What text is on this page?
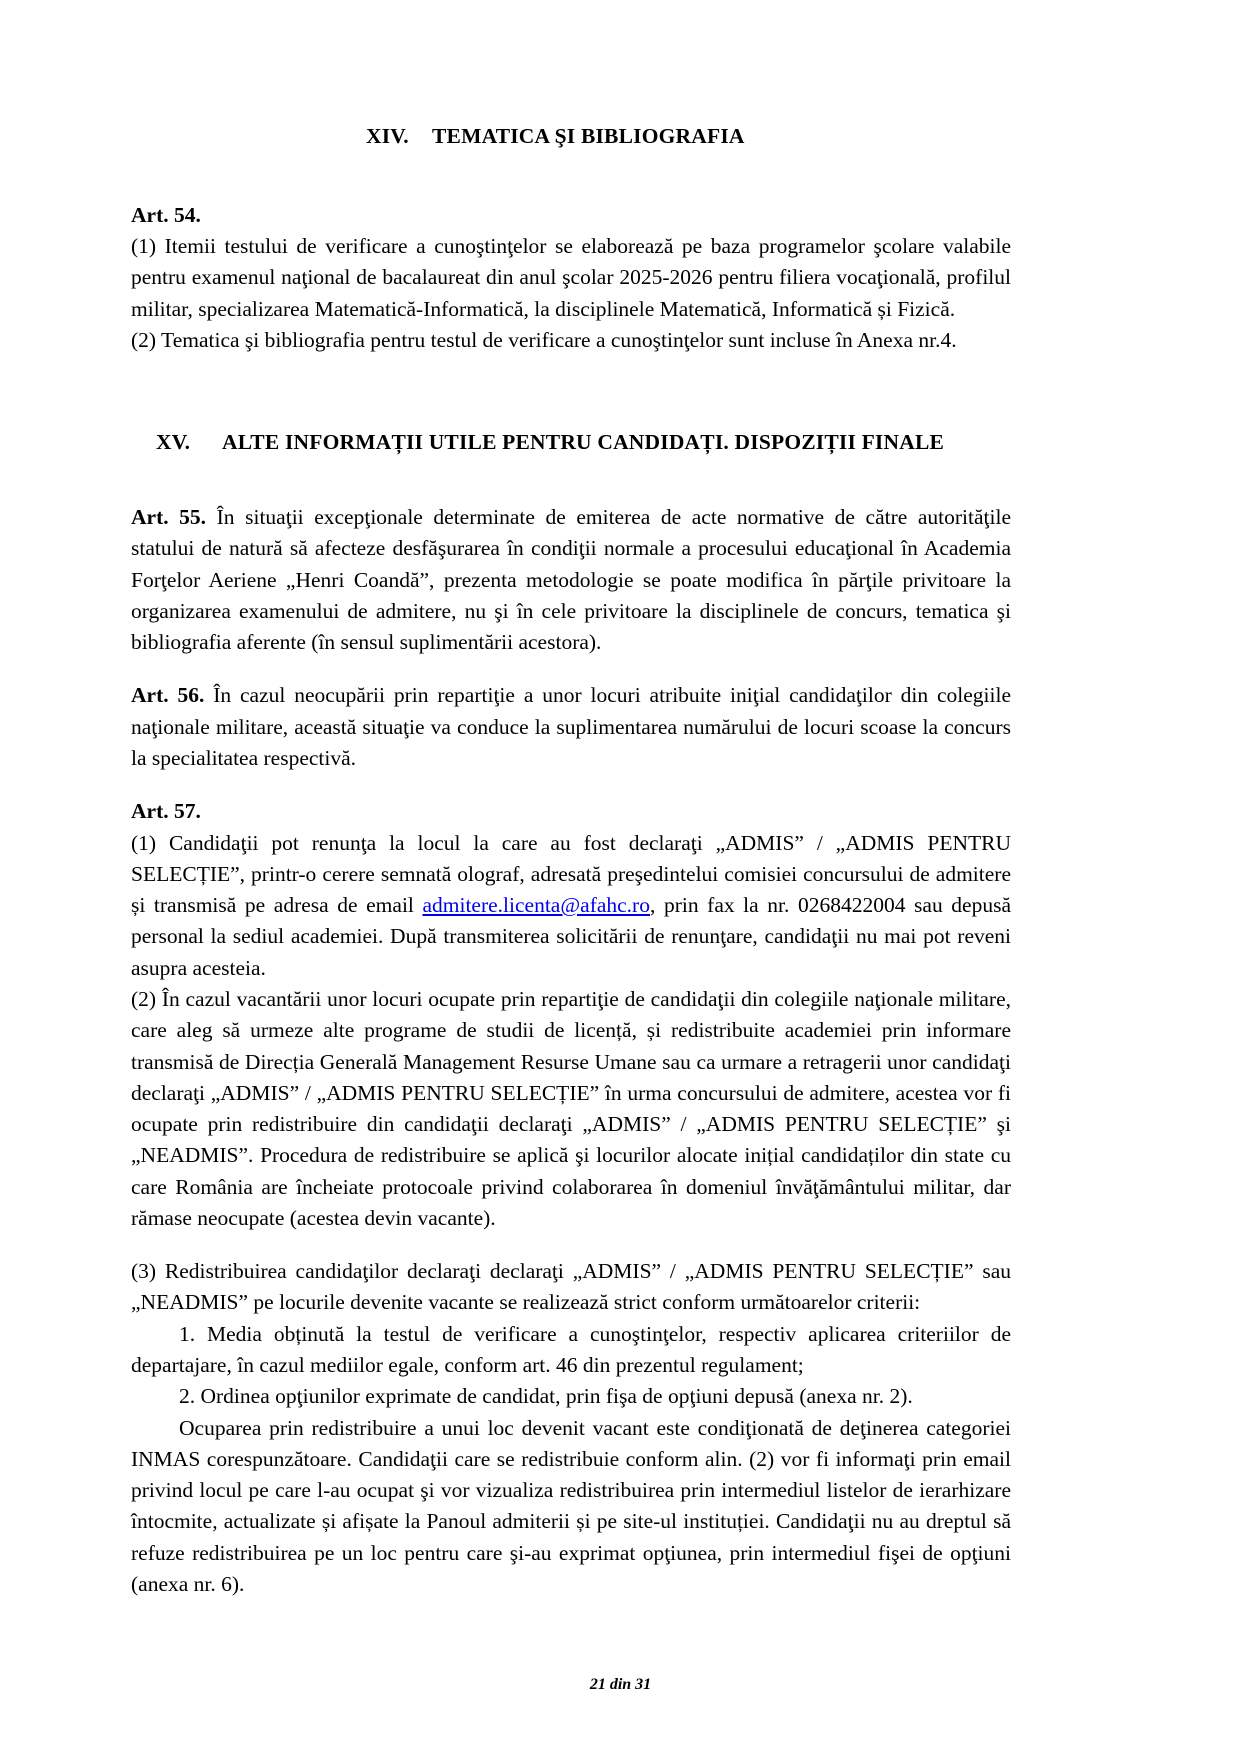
XIV. TEMATICA ŞI BIBLIOGRAFIA

Art. 54.

(1) Itemii testului de verificare a cunoştinţelor se elaborează pe baza programelor şcolare valabile pentru examenul naţional de bacalaureat din anul şcolar 2025-2026 pentru filiera vocaţională, profilul militar, specializarea Matematică-Informatică, la disciplinele Matematică, Informatică și Fizică.

(2) Tematica şi bibliografia pentru testul de verificare a cunoştinţelor sunt incluse în Anexa nr.4.

XV. ALTE INFORMAȚII UTILE PENTRU CANDIDAȚI. DISPOZIȚII FINALE

Art. 55. În situaţii excepţionale determinate de emiterea de acte normative de către autorităţile statului de natură să afecteze desfăşurarea în condiţii normale a procesului educaţional în Academia Forţelor Aeriene „Henri Coandă”, prezenta metodologie se poate modifica în părţile privitoare la organizarea examenului de admitere, nu şi în cele privitoare la disciplinele de concurs, tematica şi bibliografia aferente (în sensul suplimentării acestora).

Art. 56. În cazul neocupării prin repartiţie a unor locuri atribuite iniţial candidaţilor din colegiile naţionale militare, această situaţie va conduce la suplimentarea numărului de locuri scoase la concurs la specialitatea respectivă.

Art. 57.

(1) Candidaţii pot renunţa la locul la care au fost declaraţi „ADMIS” / „ADMIS PENTRU SELECȚIE”, printr-o cerere semnată olograf, adresată preşedintelui comisiei concursului de admitere și transmisă pe adresa de email admitere.licenta@afahc.ro, prin fax la nr. 0268422004 sau depusă personal la sediul academiei. După transmiterea solicitării de renunţare, candidaţii nu mai pot reveni asupra acesteia.

(2) În cazul vacantării unor locuri ocupate prin repartiţie de candidaţii din colegiile naţionale militare, care aleg să urmeze alte programe de studii de licență, și redistribuite academiei prin informare transmisă de Direcția Generală Management Resurse Umane sau ca urmare a retragerii unor candidaţi declaraţi „ADMIS” / „ADMIS PENTRU SELECȚIE” în urma concursului de admitere, acestea vor fi ocupate prin redistribuire din candidaţii declaraţi „ADMIS” / „ADMIS PENTRU SELECȚIE” şi „NEADMIS”. Procedura de redistribuire se aplică şi locurilor alocate inițial candidaților din state cu care România are încheiate protocoale privind colaborarea în domeniul învăţământului militar, dar rămase neocupate (acestea devin vacante).

(3) Redistribuirea candidaţilor declaraţi declaraţi „ADMIS” / „ADMIS PENTRU SELECȚIE” sau „NEADMIS” pe locurile devenite vacante se realizează strict conform următoarelor criterii:

1. Media obținută la testul de verificare a cunoştinţelor, respectiv aplicarea criteriilor de departajare, în cazul mediilor egale, conform art. 46 din prezentul regulament;

2. Ordinea opţiunilor exprimate de candidat, prin fişa de opţiuni depusă (anexa nr. 2).

Ocuparea prin redistribuire a unui loc devenit vacant este condiţionată de deţinerea categoriei INMAS corespunzătoare. Candidaţii care se redistribuie conform alin. (2) vor fi informaţi prin email privind locul pe care l-au ocupat şi vor vizualiza redistribuirea prin intermediul listelor de ierarhizare întocmite, actualizate și afișate la Panoul admiterii și pe site-ul instituției. Candidaţii nu au dreptul să refuze redistribuirea pe un loc pentru care şi-au exprimat opţiunea, prin intermediul fişei de opţiuni (anexa nr. 6).

21 din 31
